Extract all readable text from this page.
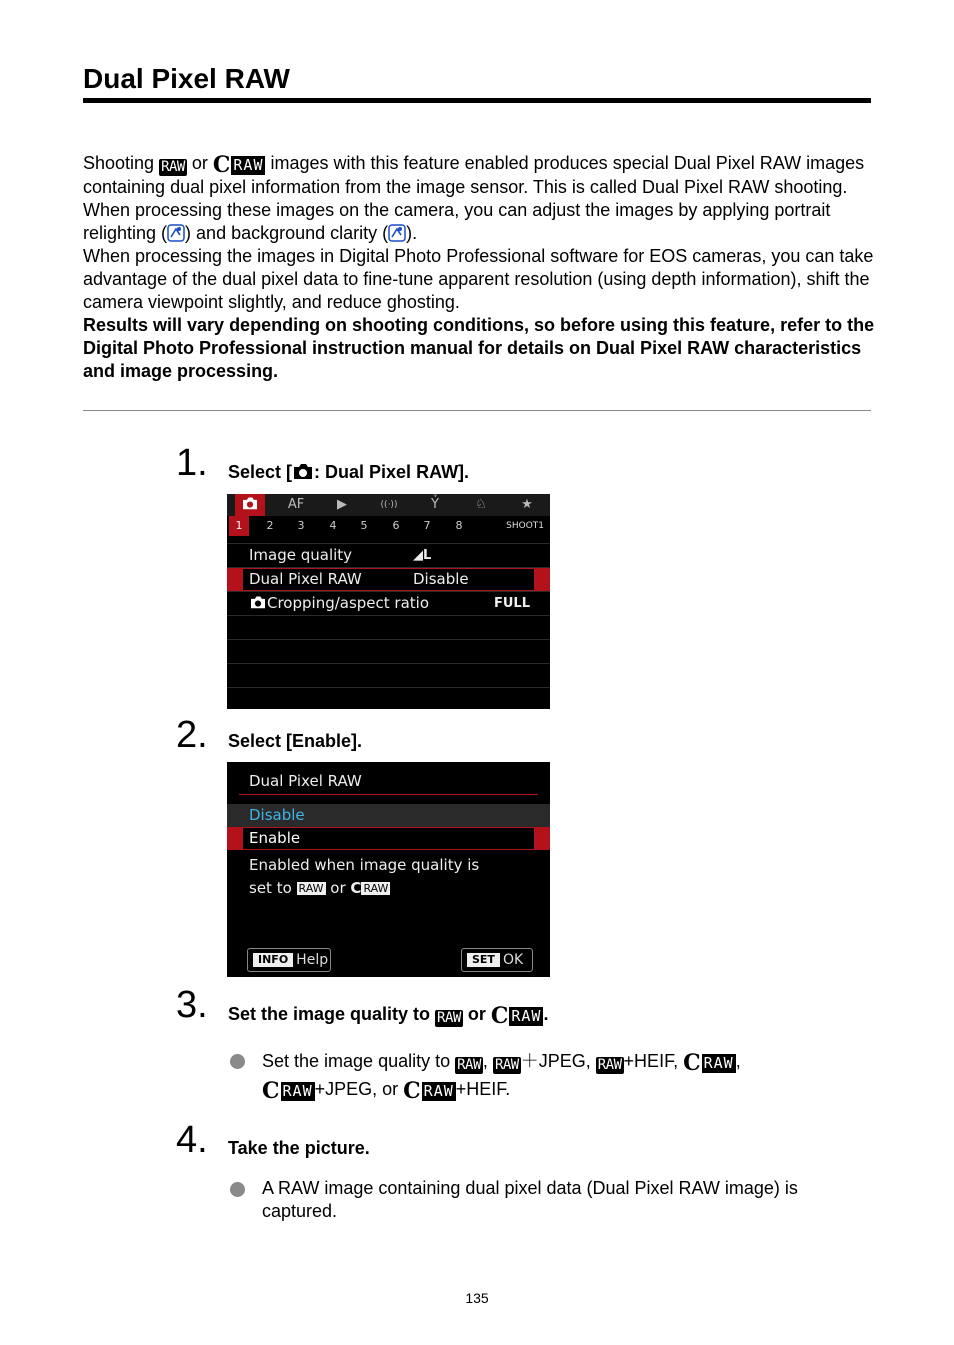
Dual Pixel RAW

Shooting RAW or C RAW images with this feature enabled produces special Dual Pixel RAW images containing dual pixel information from the image sensor. This is called Dual Pixel RAW shooting.

When processing these images on the camera, you can adjust the images by applying portrait relighting ( ) and background clarity ( ).

When processing the images in Digital Photo Professional software for EOS cameras, you can take advantage of the dual pixel data to fine-tune apparent resolution (using depth information), shift the camera viewpoint slightly, and reduce ghosting.

Results will vary depending on shooting conditions, so before using this feature, refer to the Digital Photo Professional instruction manual for details on Dual Pixel RAW characteristics and image processing.

1. Select [ : Dual Pixel RAW].
AF	▶	((·))	Ỷ	♘	★
1	2	3	4	5	6	7	8	SHOOT1
Image quality	◢L
Dual Pixel RAW	Disable
Cropping/aspect ratio	FULL
2. Select [Enable].
Dual Pixel RAW
Disable
Enable
Enabled when image quality is
set to RAW or C RAW
INFO Help	SET OK
3. Set the image quality to RAW or C RAW .
Set the image quality to RAW , RAW ＋JPEG, RAW +HEIF, C RAW ,

C RAW +JPEG, or C RAW +HEIF.
4. Take the picture.
A RAW image containing dual pixel data (Dual Pixel RAW image) is captured.
135
